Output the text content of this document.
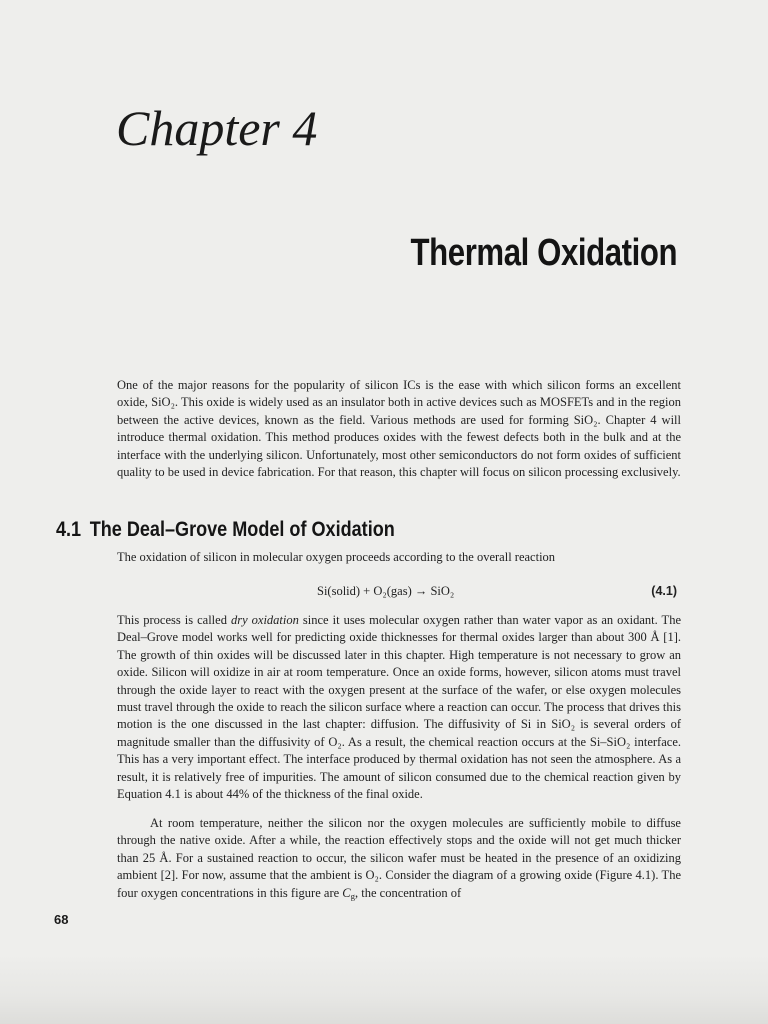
Chapter 4
Thermal Oxidation

One of the major reasons for the popularity of silicon ICs is the ease with which silicon forms an excellent oxide, SiO₂. This oxide is widely used as an insulator both in active devices such as MOSFETs and in the region between the active devices, known as the field. Various methods are used for forming SiO₂. Chapter 4 will introduce thermal oxidation. This method produces oxides with the fewest defects both in the bulk and at the interface with the underlying silicon. Unfortunately, most other semiconductors do not form oxides of sufficient quality to be used in device fabrication. For that reason, this chapter will focus on silicon processing exclusively.

4.1 The Deal–Grove Model of Oxidation

The oxidation of silicon in molecular oxygen proceeds according to the overall reaction

Si(solid) + O₂(gas) → SiO₂	(4.1)

This process is called dry oxidation since it uses molecular oxygen rather than water vapor as an oxidant. The Deal–Grove model works well for predicting oxide thicknesses for thermal oxides larger than about 300 Å [1]. The growth of thin oxides will be discussed later in this chapter. High temperature is not necessary to grow an oxide. Silicon will oxidize in air at room temperature. Once an oxide forms, however, silicon atoms must travel through the oxide layer to react with the oxygen present at the surface of the wafer, or else oxygen molecules must travel through the oxide to reach the silicon surface where a reaction can occur. The process that drives this motion is the one discussed in the last chapter: diffusion. The diffusivity of Si in SiO₂ is several orders of magnitude smaller than the diffusivity of O₂. As a result, the chemical reaction occurs at the Si–SiO₂ interface. This has a very important effect. The interface produced by thermal oxidation has not seen the atmosphere. As a result, it is relatively free of impurities. The amount of silicon consumed due to the chemical reaction given by Equation 4.1 is about 44% of the thickness of the final oxide.

At room temperature, neither the silicon nor the oxygen molecules are sufficiently mobile to diffuse through the native oxide. After a while, the reaction effectively stops and the oxide will not get much thicker than 25 Å. For a sustained reaction to occur, the silicon wafer must be heated in the presence of an oxidizing ambient [2]. For now, assume that the ambient is O₂. Consider the diagram of a growing oxide (Figure 4.1). The four oxygen concentrations in this figure are $C_g$, the concentration of

68
